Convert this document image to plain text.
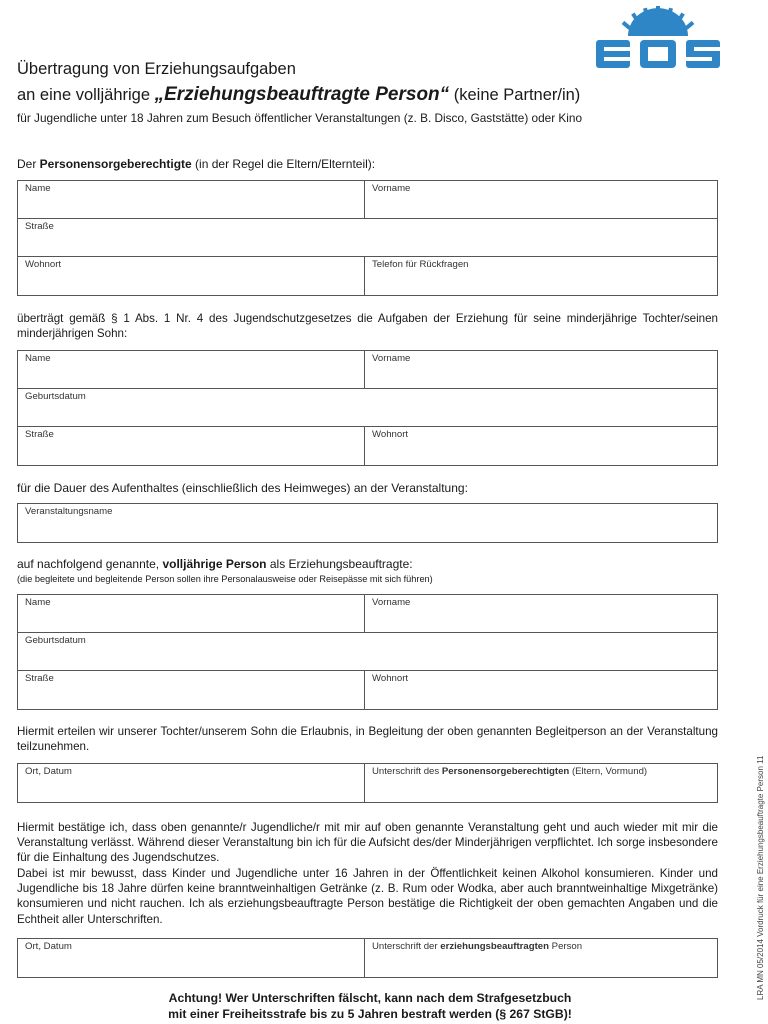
Übertragung von Erziehungsaufgaben
an eine volljährige „Erziehungsbeauftragte Person“ (keine Partner/in)
für Jugendliche unter 18 Jahren zum Besuch öffentlicher Veranstaltungen (z. B. Disco, Gaststätte) oder Kino
Der Personensorgeberechtigte (in der Regel die Eltern/Elternteil):
Name	Vorname
Straße
Wohnort	Telefon für Rückfragen
überträgt gemäß § 1 Abs. 1 Nr. 4 des Jugendschutzgesetzes die Aufgaben der Erziehung für seine minderjährige Tochter/seinen minderjährigen Sohn:
Name	Vorname
Geburtsdatum
Straße	Wohnort
für die Dauer des Aufenthaltes (einschließlich des Heimweges) an der Veranstaltung:
Veranstaltungsname
auf nachfolgend genannte, volljährige Person als Erziehungsbeauftragte:
(die begleitete und begleitende Person sollen ihre Personalausweise oder Reisepässe mit sich führen)
Name	Vorname
Geburtsdatum
Straße	Wohnort
Hiermit erteilen wir unserer Tochter/unserem Sohn die Erlaubnis, in Begleitung der oben genannten Begleitperson an der Veranstaltung teilzunehmen.
Ort, Datum	Unterschrift des Personensorgeberechtigten (Eltern, Vormund)
Hiermit bestätige ich, dass oben genannte/r Jugendliche/r mit mir auf oben genannte Veranstaltung geht und auch wieder mit mir die Veranstaltung verlässt. Während dieser Veranstaltung bin ich für die Aufsicht des/der Minderjährigen verpflichtet. Ich sorge insbesondere für die Einhaltung des Jugendschutzes.
Dabei ist mir bewusst, dass Kinder und Jugendliche unter 16 Jahren in der Öffentlichkeit keinen Alkohol konsumieren. Kinder und Jugendliche bis 18 Jahre dürfen keine branntweinhaltigen Getränke (z. B. Rum oder Wodka, aber auch branntweinhaltige Mixgetränke) konsumieren und nicht rauchen. Ich als erziehungsbeauftragte Person bestätige die Richtigkeit der oben gemachten Angaben und die Echtheit aller Unterschriften.
Ort, Datum	Unterschrift der erziehungsbeauftragten Person
Achtung! Wer Unterschriften fälscht, kann nach dem Strafgesetzbuch
mit einer Freiheitsstrafe bis zu 5 Jahren bestraft werden (§ 267 StGB)!
LRA MN 05/2014 Vordruck für eine Erziehungsbeauftragte Person 11
